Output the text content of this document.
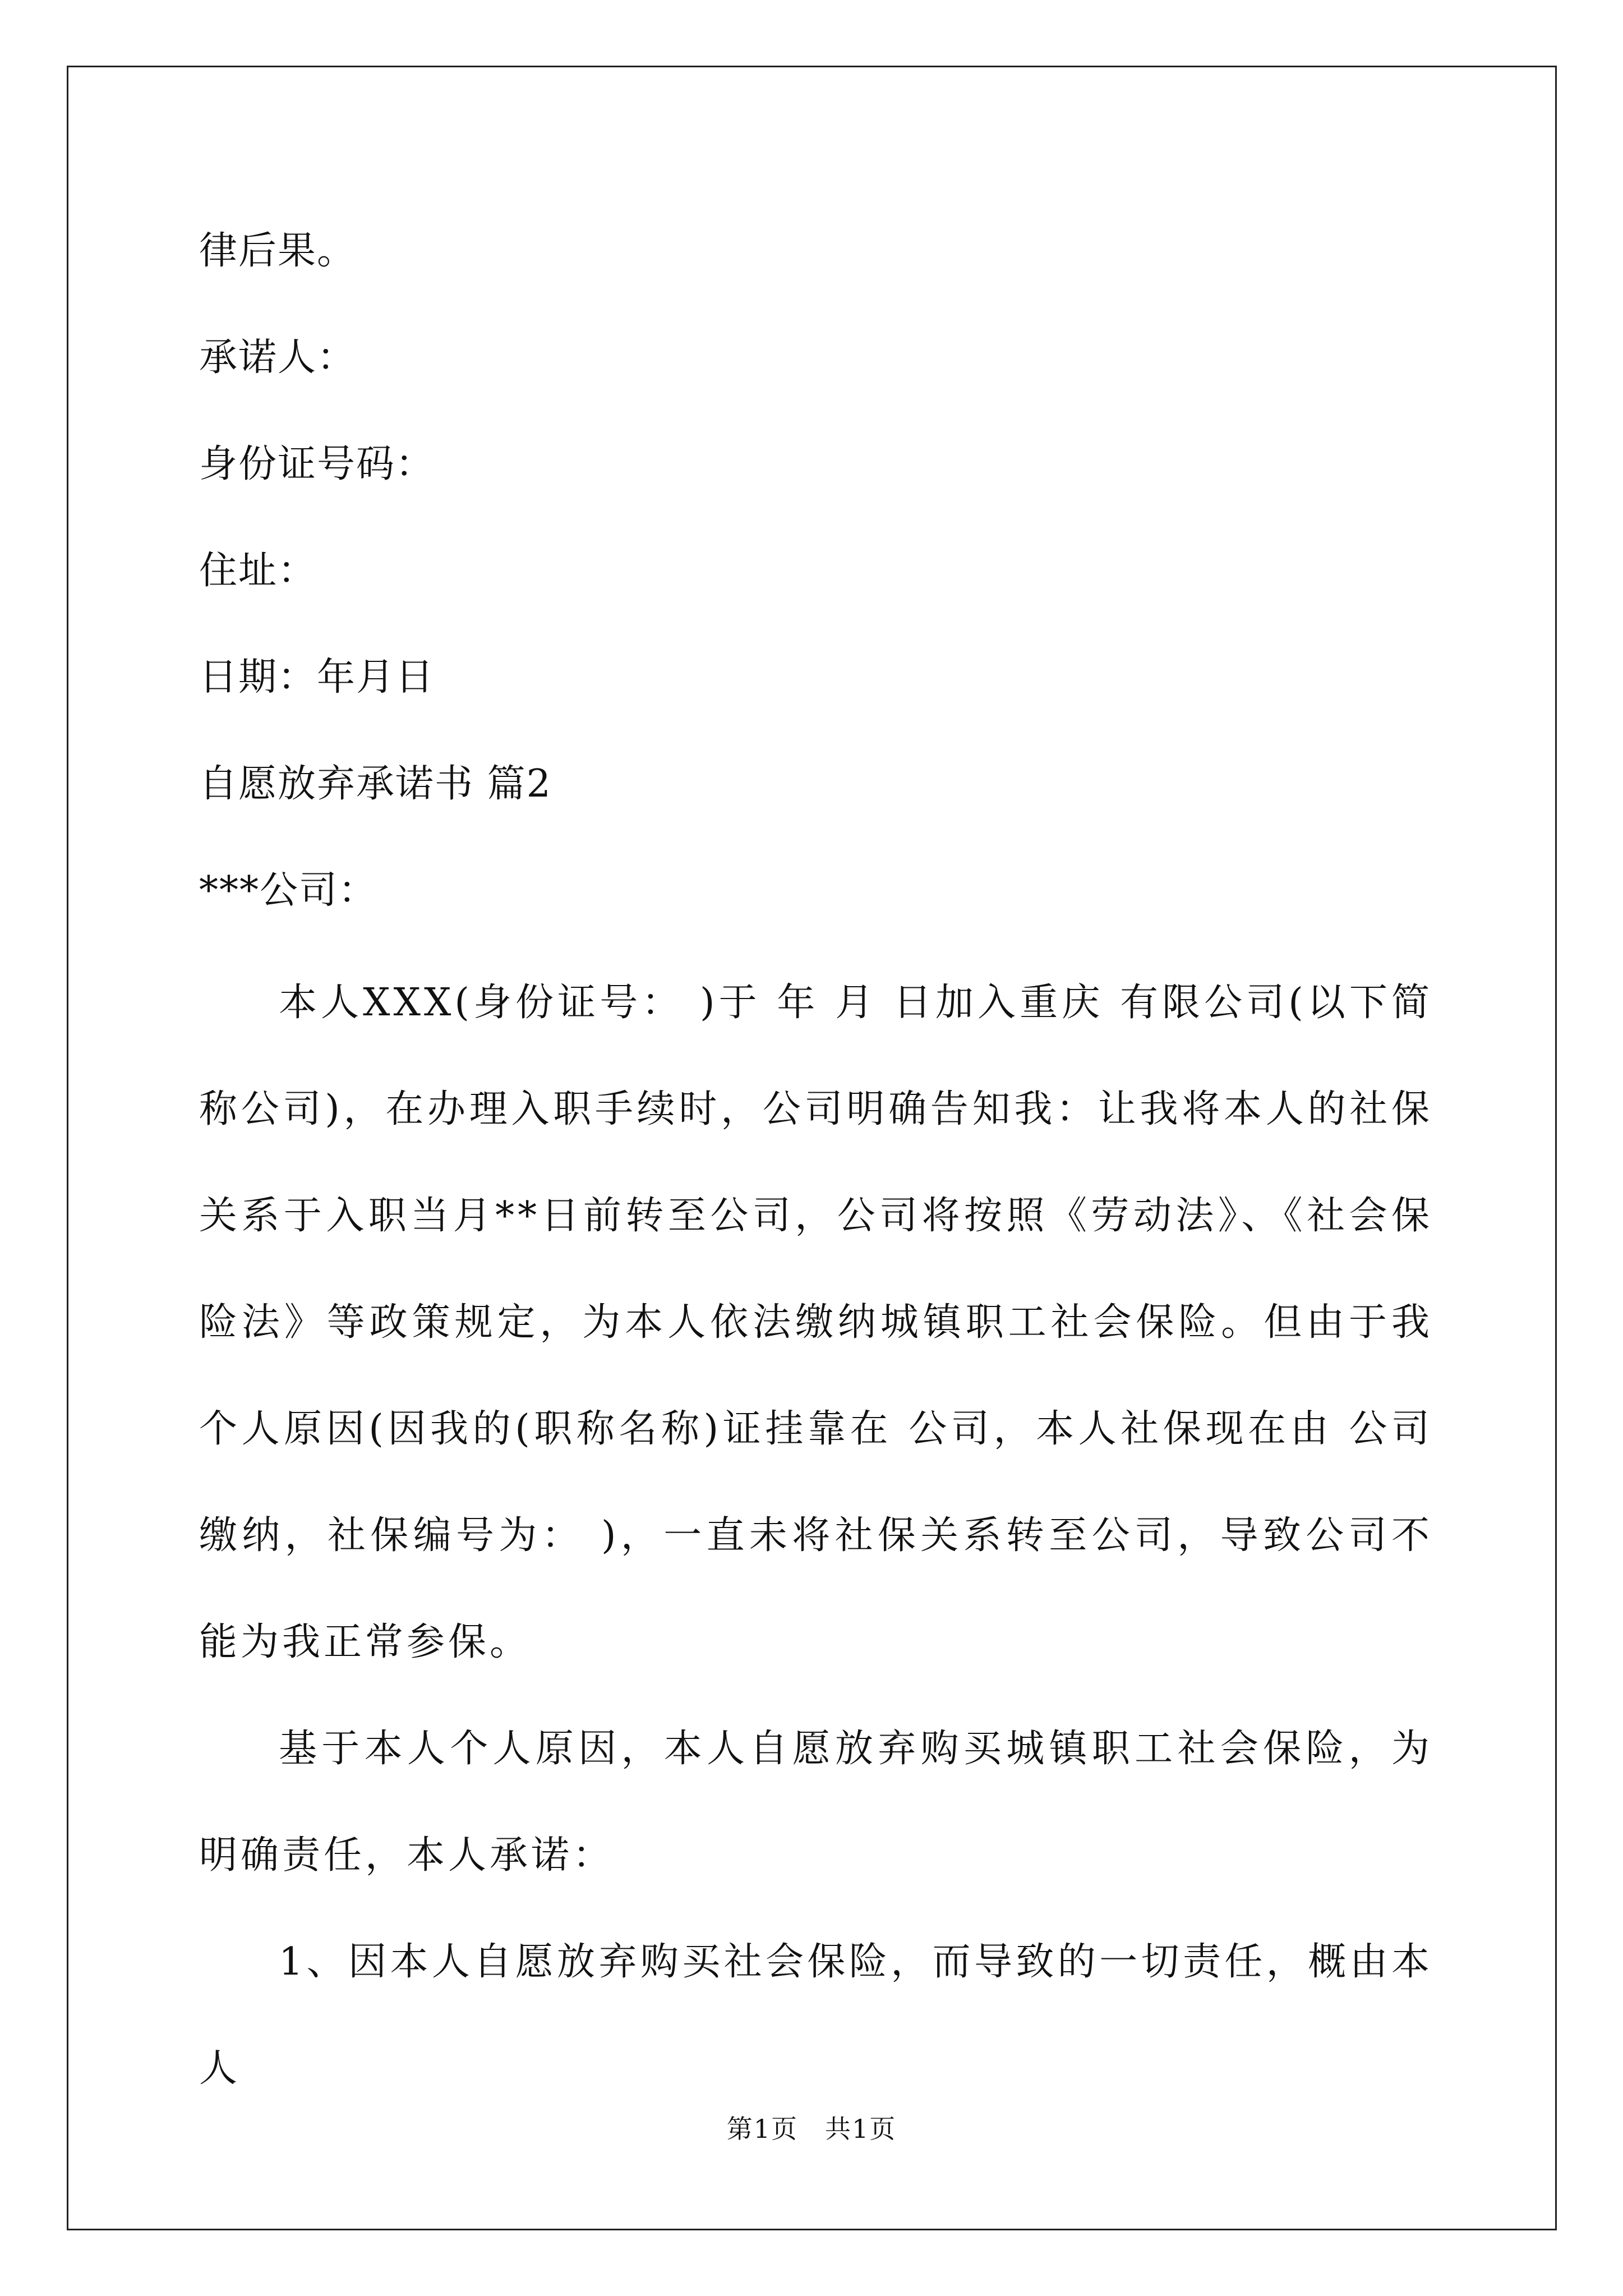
律后果。
承诺人：
身份证号码：
住址：
日期：年月日
自愿放弃承诺书 篇2
***公司：

本人XXX(身份证号： )于 年 月 日加入重庆 有限公司(以下简称公司)，在办理入职手续时，公司明确告知我：让我将本人的社保关系于入职当月**日前转至公司，公司将按照《劳动法》、《社会保险法》等政策规定，为本人依法缴纳城镇职工社会保险。但由于我个人原因(因我的(职称名称)证挂靠在 公司，本人社保现在由 公司缴纳，社保编号为： )，一直未将社保关系转至公司，导致公司不能为我正常参保。

基于本人个人原因，本人自愿放弃购买城镇职工社会保险，为明确责任，本人承诺：

1、因本人自愿放弃购买社会保险，而导致的一切责任，概由本人

第1页　共1页
